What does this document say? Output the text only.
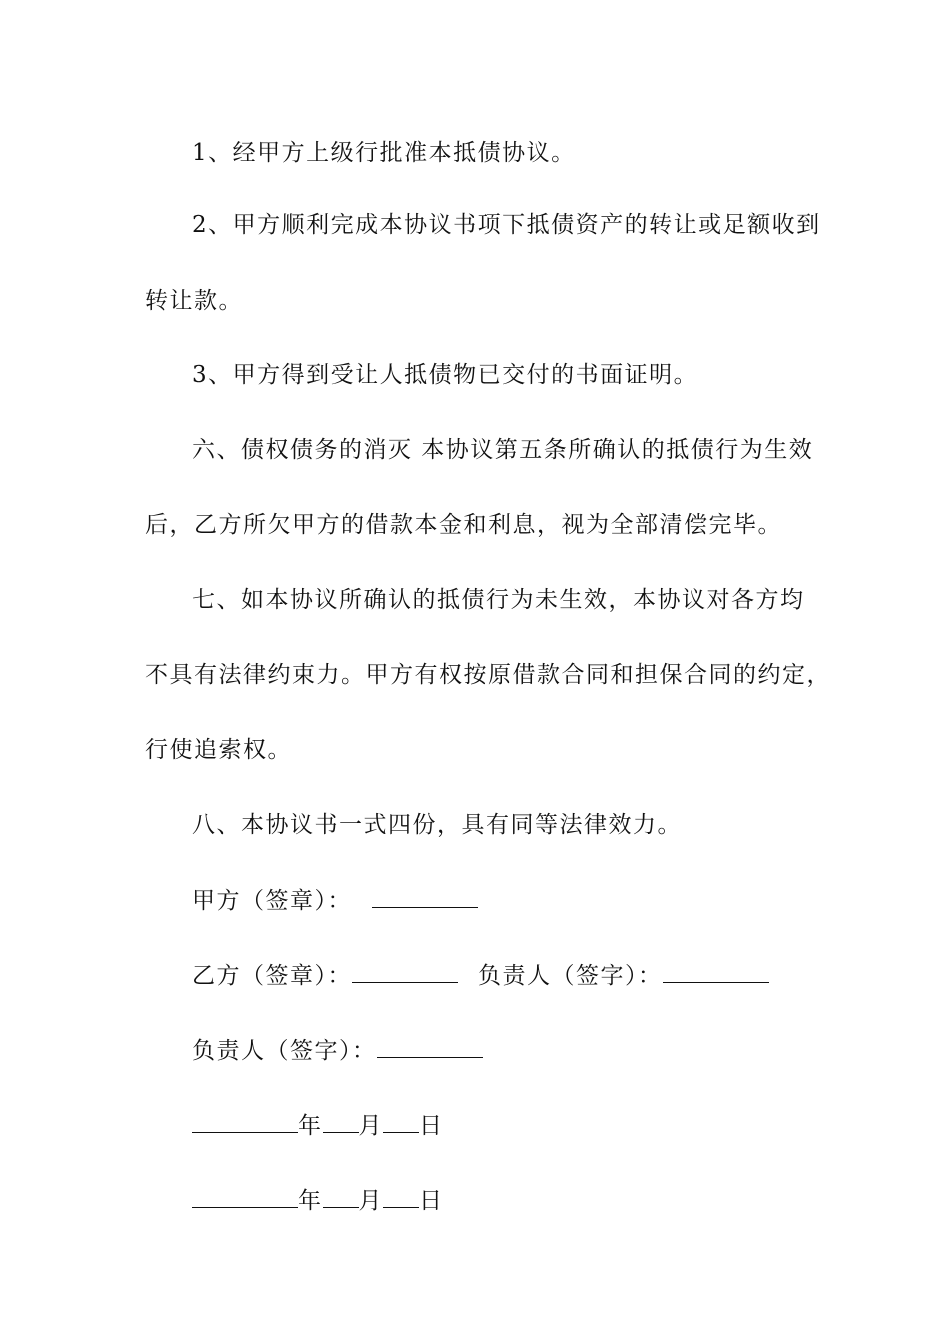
1、经甲方上级行批准本抵债协议。
2、甲方顺利完成本协议书项下抵债资产的转让或足额收到
转让款。
3、甲方得到受让人抵债物已交付的书面证明。
六、债权债务的消灭 本协议第五条所确认的抵债行为生效
后，乙方所欠甲方的借款本金和利息，视为全部清偿完毕。
七、如本协议所确认的抵债行为未生效，本协议对各方均
不具有法律约束力。甲方有权按原借款合同和担保合同的约定，
行使追索权。
八、本协议书一式四份，具有同等法律效力。
甲方（签章）：
乙方（签章）：	负责人（签字）：
负责人（签字）：
年 月 日
年 月 日
